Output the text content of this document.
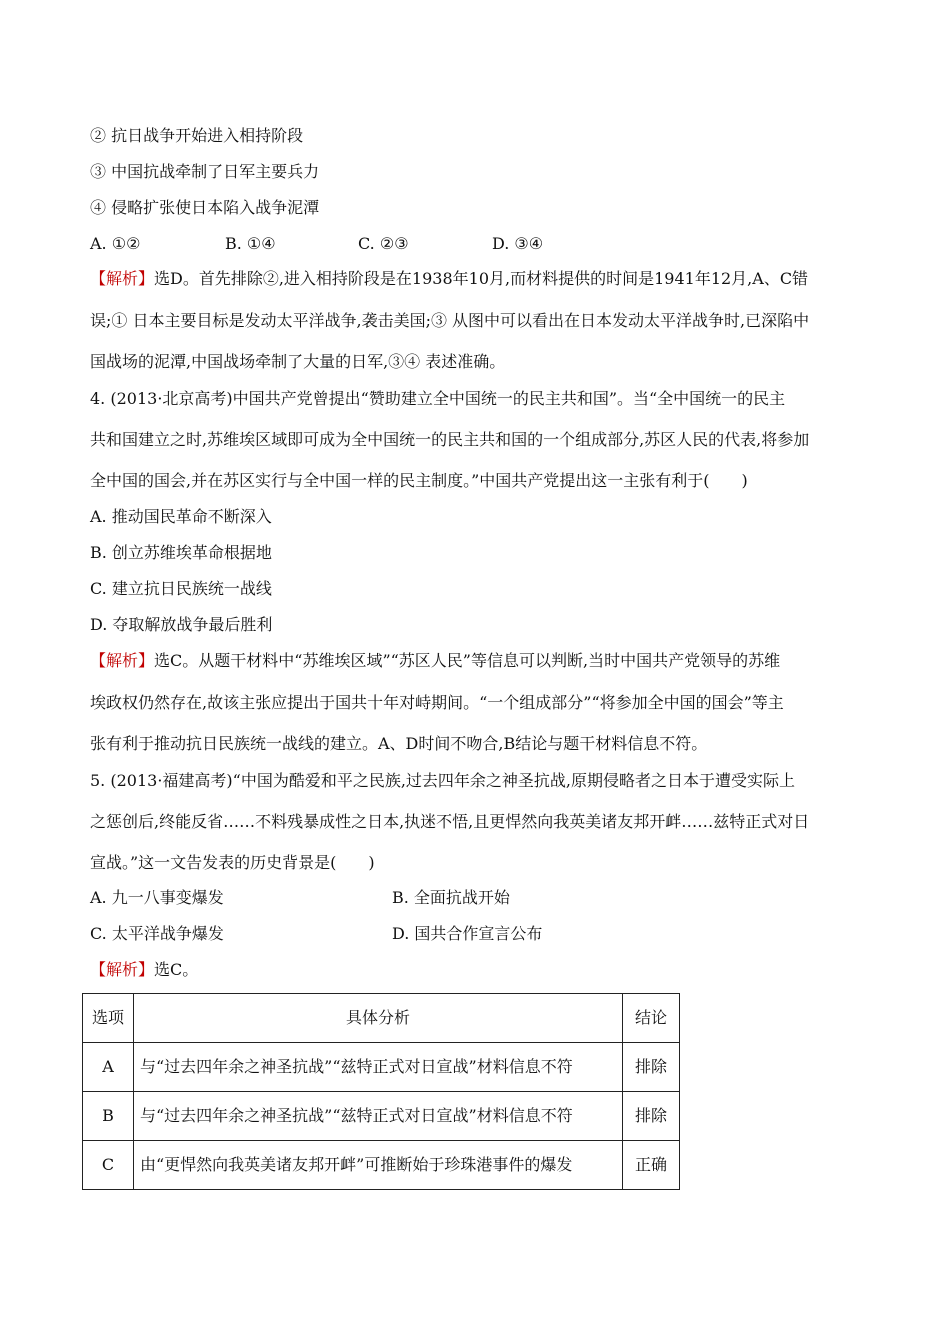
② 抗日战争开始进入相持阶段
③ 中国抗战牵制了日军主要兵力
④ 侵略扩张使日本陷入战争泥潭
A. ①②	B. ①④	C. ②③	D. ③④
【解析】选D。首先排除②,进入相持阶段是在1938年10月,而材料提供的时间是1941年12月,A、C错
误;① 日本主要目标是发动太平洋战争,袭击美国;③ 从图中可以看出在日本发动太平洋战争时,已深陷中
国战场的泥潭,中国战场牵制了大量的日军,③④ 表述准确。
4. (2013·北京高考)中国共产党曾提出“赞助建立全中国统一的民主共和国”。当“全中国统一的民主
共和国建立之时,苏维埃区域即可成为全中国统一的民主共和国的一个组成部分,苏区人民的代表,将参加
全中国的国会,并在苏区实行与全中国一样的民主制度。”中国共产党提出这一主张有利于(　　)
A. 推动国民革命不断深入
B. 创立苏维埃革命根据地
C. 建立抗日民族统一战线
D. 夺取解放战争最后胜利
【解析】选C。从题干材料中“苏维埃区域”“苏区人民”等信息可以判断,当时中国共产党领导的苏维
埃政权仍然存在,故该主张应提出于国共十年对峙期间。“一个组成部分”“将参加全中国的国会”等主
张有利于推动抗日民族统一战线的建立。A、D时间不吻合,B结论与题干材料信息不符。
5. (2013·福建高考)“中国为酷爱和平之民族,过去四年余之神圣抗战,原期侵略者之日本于遭受实际上
之惩创后,终能反省……不料残暴成性之日本,执迷不悟,且更悍然向我英美诸友邦开衅……兹特正式对日
宣战。”这一文告发表的历史背景是(　　)
A. 九一八事变爆发	B. 全面抗战开始
C. 太平洋战争爆发	D. 国共合作宣言公布
【解析】选C。
选项	具体分析	结论
A	与“过去四年余之神圣抗战”“兹特正式对日宣战”材料信息不符	排除
B	与“过去四年余之神圣抗战”“兹特正式对日宣战”材料信息不符	排除
C	由“更悍然向我英美诸友邦开衅”可推断始于珍珠港事件的爆发	正确
